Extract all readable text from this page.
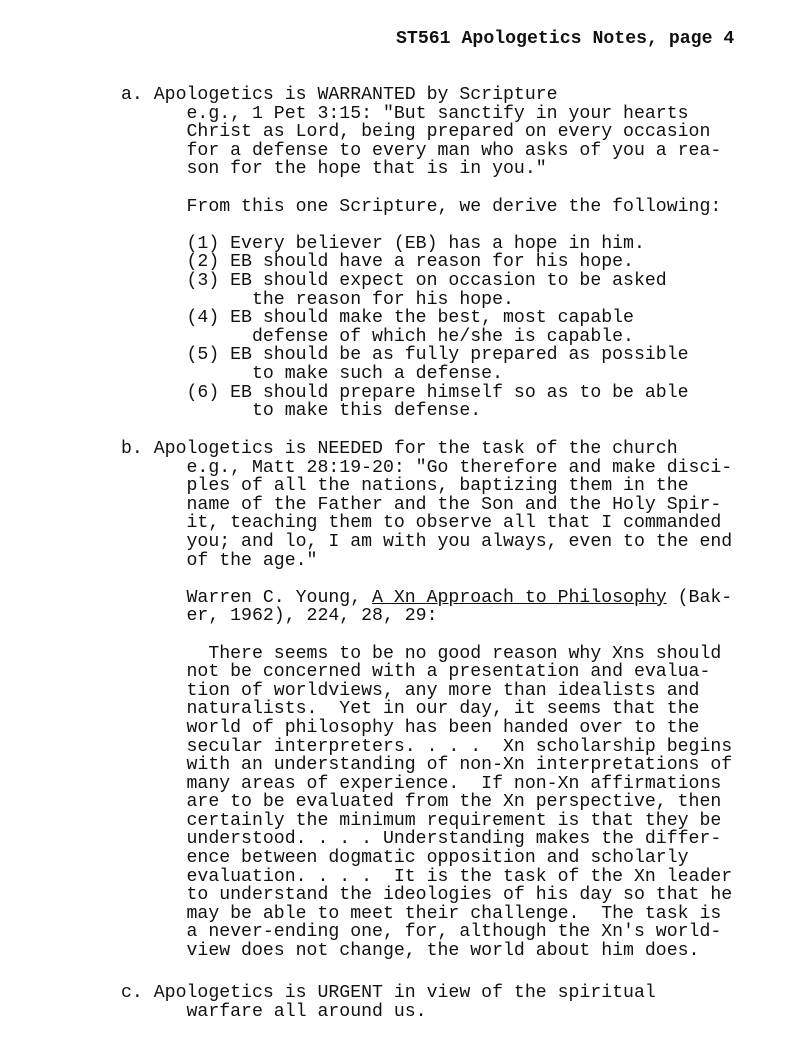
ST561 Apologetics Notes, page 4
a. Apologetics is WARRANTED by Scripture
e.g., 1 Pet 3:15: "But sanctify in your hearts
Christ as Lord, being prepared on every occasion
for a defense to every man who asks of you a rea-
son for the hope that is in you."
From this one Scripture, we derive the following:
(1) Every believer (EB) has a hope in him.
(2) EB should have a reason for his hope.
(3) EB should expect on occasion to be asked
the reason for his hope.
(4) EB should make the best, most capable
defense of which he/she is capable.
(5) EB should be as fully prepared as possible
to make such a defense.
(6) EB should prepare himself so as to be able
to make this defense.
b. Apologetics is NEEDED for the task of the church
e.g., Matt 28:19-20: "Go therefore and make disci-
ples of all the nations, baptizing them in the
name of the Father and the Son and the Holy Spir-
it, teaching them to observe all that I commanded
you; and lo, I am with you always, even to the end
of the age."
Warren C. Young, A Xn Approach to Philosophy (Bak-
er, 1962), 224, 28, 29:
There seems to be no good reason why Xns should
not be concerned with a presentation and evalua-
tion of worldviews, any more than idealists and
naturalists.  Yet in our day, it seems that the
world of philosophy has been handed over to the
secular interpreters. . . .  Xn scholarship begins
with an understanding of non-Xn interpretations of
many areas of experience.  If non-Xn affirmations
are to be evaluated from the Xn perspective, then
certainly the minimum requirement is that they be
understood. . . . Understanding makes the differ-
ence between dogmatic opposition and scholarly
evaluation. . . .  It is the task of the Xn leader
to understand the ideologies of his day so that he
may be able to meet their challenge.  The task is
a never-ending one, for, although the Xn's world-
view does not change, the world about him does.
c. Apologetics is URGENT in view of the spiritual
warfare all around us.
